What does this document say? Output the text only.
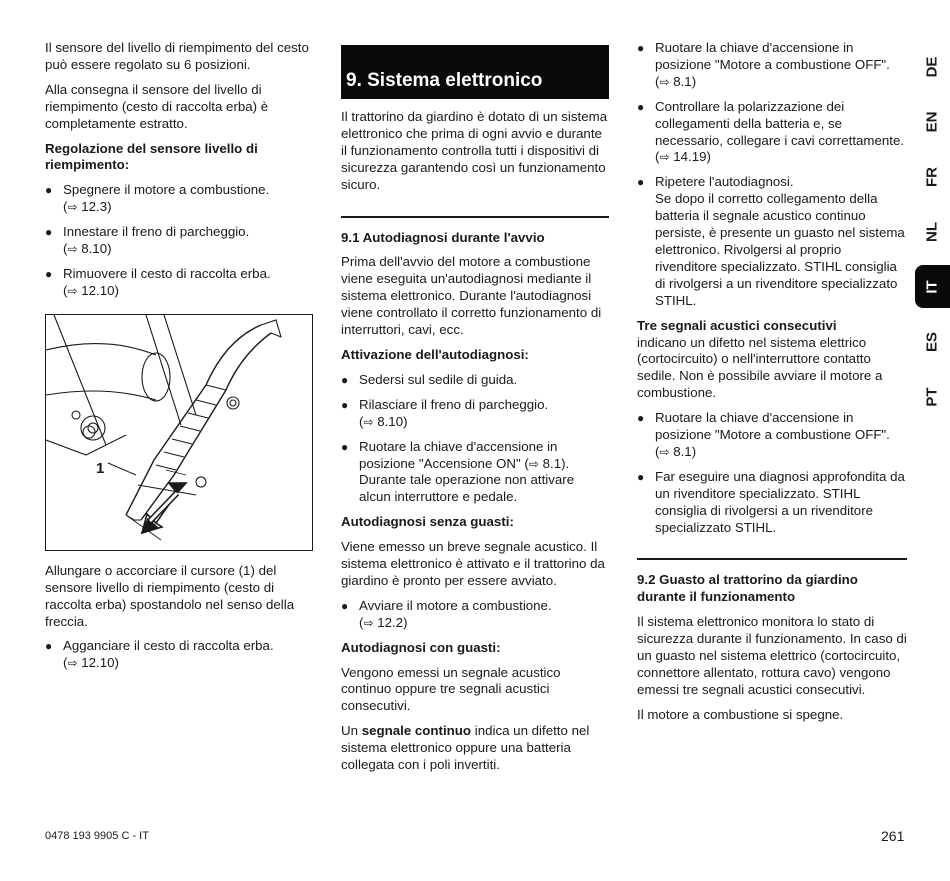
Il sensore del livello di riempimento del cesto può essere regolato su 6 posizioni.

Alla consegna il sensore del livello di riempimento (cesto di raccolta erba) è completamente estratto.

Regolazione del sensore livello di riempimento:

● Spegnere il motore a combustione.
(⇨ 12.3)
● Innestare il freno di parcheggio.
(⇨ 8.10)
● Rimuovere il cesto di raccolta erba.
(⇨ 12.10)
1

Allungare o accorciare il cursore (1) del sensore livello di riempimento (cesto di raccolta erba) spostandolo nel senso della freccia.

● Agganciare il cesto di raccolta erba.
(⇨ 12.10)
9. Sistema elettronico

Il trattorino da giardino è dotato di un sistema elettronico che prima di ogni avvio e durante il funzionamento controlla tutti i dispositivi di sicurezza garantendo così un funzionamento sicuro.

9.1 Autodiagnosi durante l'avvio

Prima dell'avvio del motore a combustione viene eseguita un'autodiagnosi mediante il sistema elettronico. Durante l'autodiagnosi viene controllato il corretto funzionamento di interruttori, cavi, ecc.

Attivazione dell'autodiagnosi:

● Sedersi sul sedile di guida.
● Rilasciare il freno di parcheggio.
(⇨ 8.10)
● Ruotare la chiave d'accensione in posizione "Accensione ON" (⇨ 8.1). Durante tale operazione non attivare alcun interruttore e pedale.

Autodiagnosi senza guasti:

Viene emesso un breve segnale acustico. Il sistema elettronico è attivato e il trattorino da giardino è pronto per essere avviato.

● Avviare il motore a combustione.
(⇨ 12.2)

Autodiagnosi con guasti:

Vengono emessi un segnale acustico continuo oppure tre segnali acustici consecutivi.

Un segnale continuo indica un difetto nel sistema elettronico oppure una batteria collegata con i poli invertiti.

● Ruotare la chiave d'accensione in posizione "Motore a combustione OFF". (⇨ 8.1)
● Controllare la polarizzazione dei collegamenti della batteria e, se necessario, collegare i cavi correttamente. (⇨ 14.19)
● Ripetere l'autodiagnosi.
Se dopo il corretto collegamento della batteria il segnale acustico continuo persiste, è presente un guasto nel sistema elettronico. Rivolgersi al proprio rivenditore specializzato. STIHL consiglia di rivolgersi a un rivenditore specializzato STIHL.

Tre segnali acustici consecutivi
indicano un difetto nel sistema elettrico (cortocircuito) o nell'interruttore contatto sedile. Non è possibile avviare il motore a combustione.

● Ruotare la chiave d'accensione in posizione "Motore a combustione OFF". (⇨ 8.1)
● Far eseguire una diagnosi approfondita da un rivenditore specializzato. STIHL consiglia di rivolgersi a un rivenditore specializzato STIHL.

9.2 Guasto al trattorino da giardino durante il funzionamento

Il sistema elettronico monitora lo stato di sicurezza durante il funzionamento. In caso di un guasto nel sistema elettrico (cortocircuito, connettore allentato, rottura cavo) vengono emessi tre segnali acustici consecutivi.

Il motore a combustione si spegne.

DE
EN
FR
NL
IT
ES
PT
0478 193 9905 C - IT	261
